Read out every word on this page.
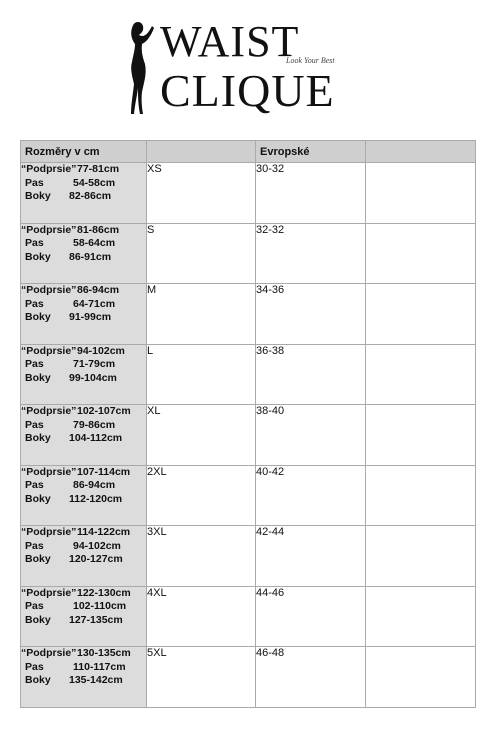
WAIST
Look Your Best
CLIQUE
Rozměry v cm		Evropské	

“Podprsie”77-81cm
Pas 54-58cm
Boky 82-86cm	XS	30-32	

“Podprsie”81-86cm
Pas 58-64cm
Boky 86-91cm	S	32-32	

“Podprsie”86-94cm
Pas 64-71cm
Boky 91-99cm	M	34-36	

“Podprsie”94-102cm
Pas 71-79cm
Boky 99-104cm	L	36-38	

“Podprsie”102-107cm
Pas 79-86cm
Boky 104-112cm	XL	38-40	

“Podprsie”107-114cm
Pas 86-94cm
Boky 112-120cm	2XL	40-42	

“Podprsie”114-122cm
Pas 94-102cm
Boky 120-127cm	3XL	42-44	

“Podprsie”122-130cm
Pas 102-110cm
Boky 127-135cm	4XL	44-46	

“Podprsie”130-135cm
Pas 110-117cm
Boky 135-142cm	5XL	46-48	
